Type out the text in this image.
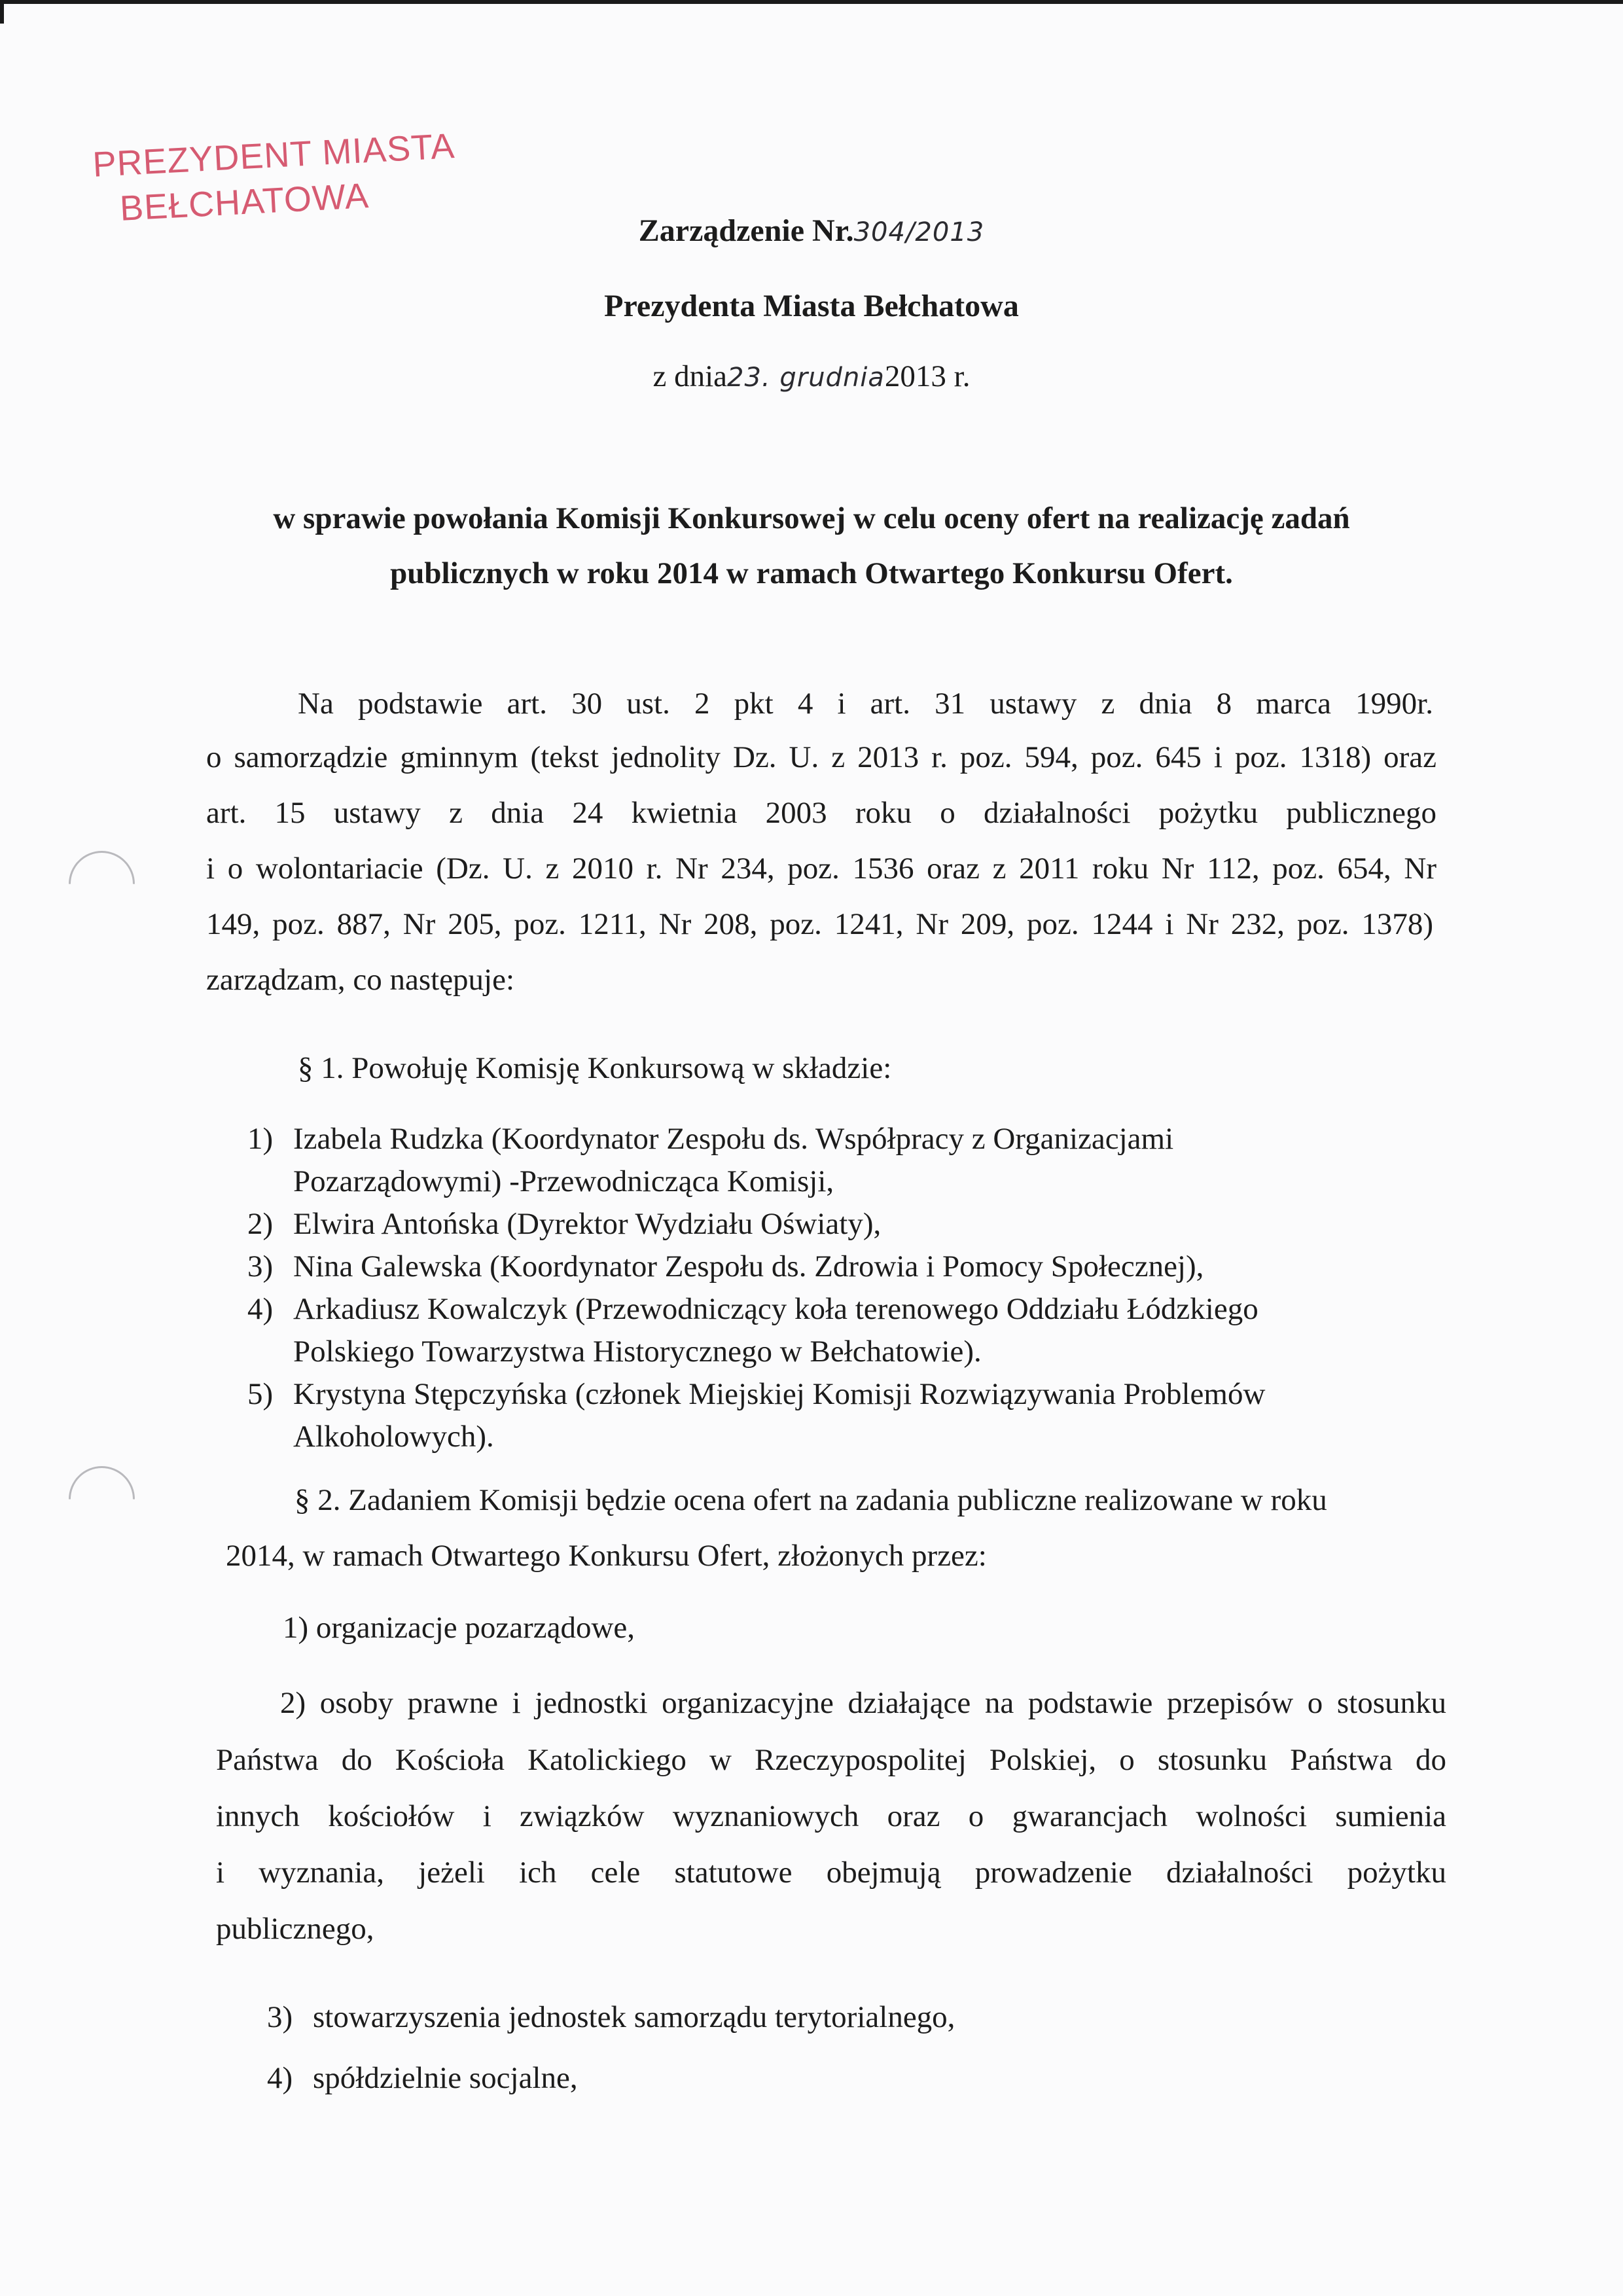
PREZYDENT MIASTA
BEŁCHATOWA
Zarządzenie Nr.304/2013
Prezydenta Miasta Bełchatowa
z dnia23. grudnia2013 r.
w sprawie powołania Komisji Konkursowej w celu oceny ofert na realizację zadań
publicznych w roku 2014 w ramach Otwartego Konkursu Ofert.
Na podstawie art. 30 ust. 2 pkt 4 i art. 31 ustawy z dnia 8 marca 1990r.
o samorządzie gminnym (tekst jednolity Dz. U. z 2013 r. poz. 594, poz. 645 i poz. 1318) oraz
art. 15 ustawy z dnia 24 kwietnia 2003 roku o działalności pożytku publicznego
i o wolontariacie (Dz. U. z 2010 r. Nr 234, poz. 1536 oraz z 2011 roku Nr 112, poz. 654, Nr
149, poz. 887, Nr 205, poz. 1211, Nr 208, poz. 1241, Nr 209, poz. 1244 i Nr 232, poz. 1378)
zarządzam, co następuje:
§ 1. Powołuję Komisję Konkursową w składzie:
1) Izabela Rudzka (Koordynator Zespołu ds. Współpracy z Organizacjami
Pozarządowymi) -Przewodnicząca Komisji,
2) Elwira Antońska (Dyrektor Wydziału Oświaty),
3) Nina Galewska (Koordynator Zespołu ds. Zdrowia i Pomocy Społecznej),
4) Arkadiusz Kowalczyk (Przewodniczący koła terenowego Oddziału Łódzkiego
Polskiego Towarzystwa Historycznego w Bełchatowie).
5) Krystyna Stępczyńska (członek Miejskiej Komisji Rozwiązywania Problemów
Alkoholowych).
§ 2. Zadaniem Komisji będzie ocena ofert na zadania publiczne realizowane w roku
2014, w ramach Otwartego Konkursu Ofert, złożonych przez:
1) organizacje pozarządowe,
2) osoby prawne i jednostki organizacyjne działające na podstawie przepisów o stosunku
Państwa do Kościoła Katolickiego w Rzeczypospolitej Polskiej, o stosunku Państwa do
innych kościołów i związków wyznaniowych oraz o gwarancjach wolności sumienia
i wyznania, jeżeli ich cele statutowe obejmują prowadzenie działalności pożytku
publicznego,
3) stowarzyszenia jednostek samorządu terytorialnego,
4) spółdzielnie socjalne,
